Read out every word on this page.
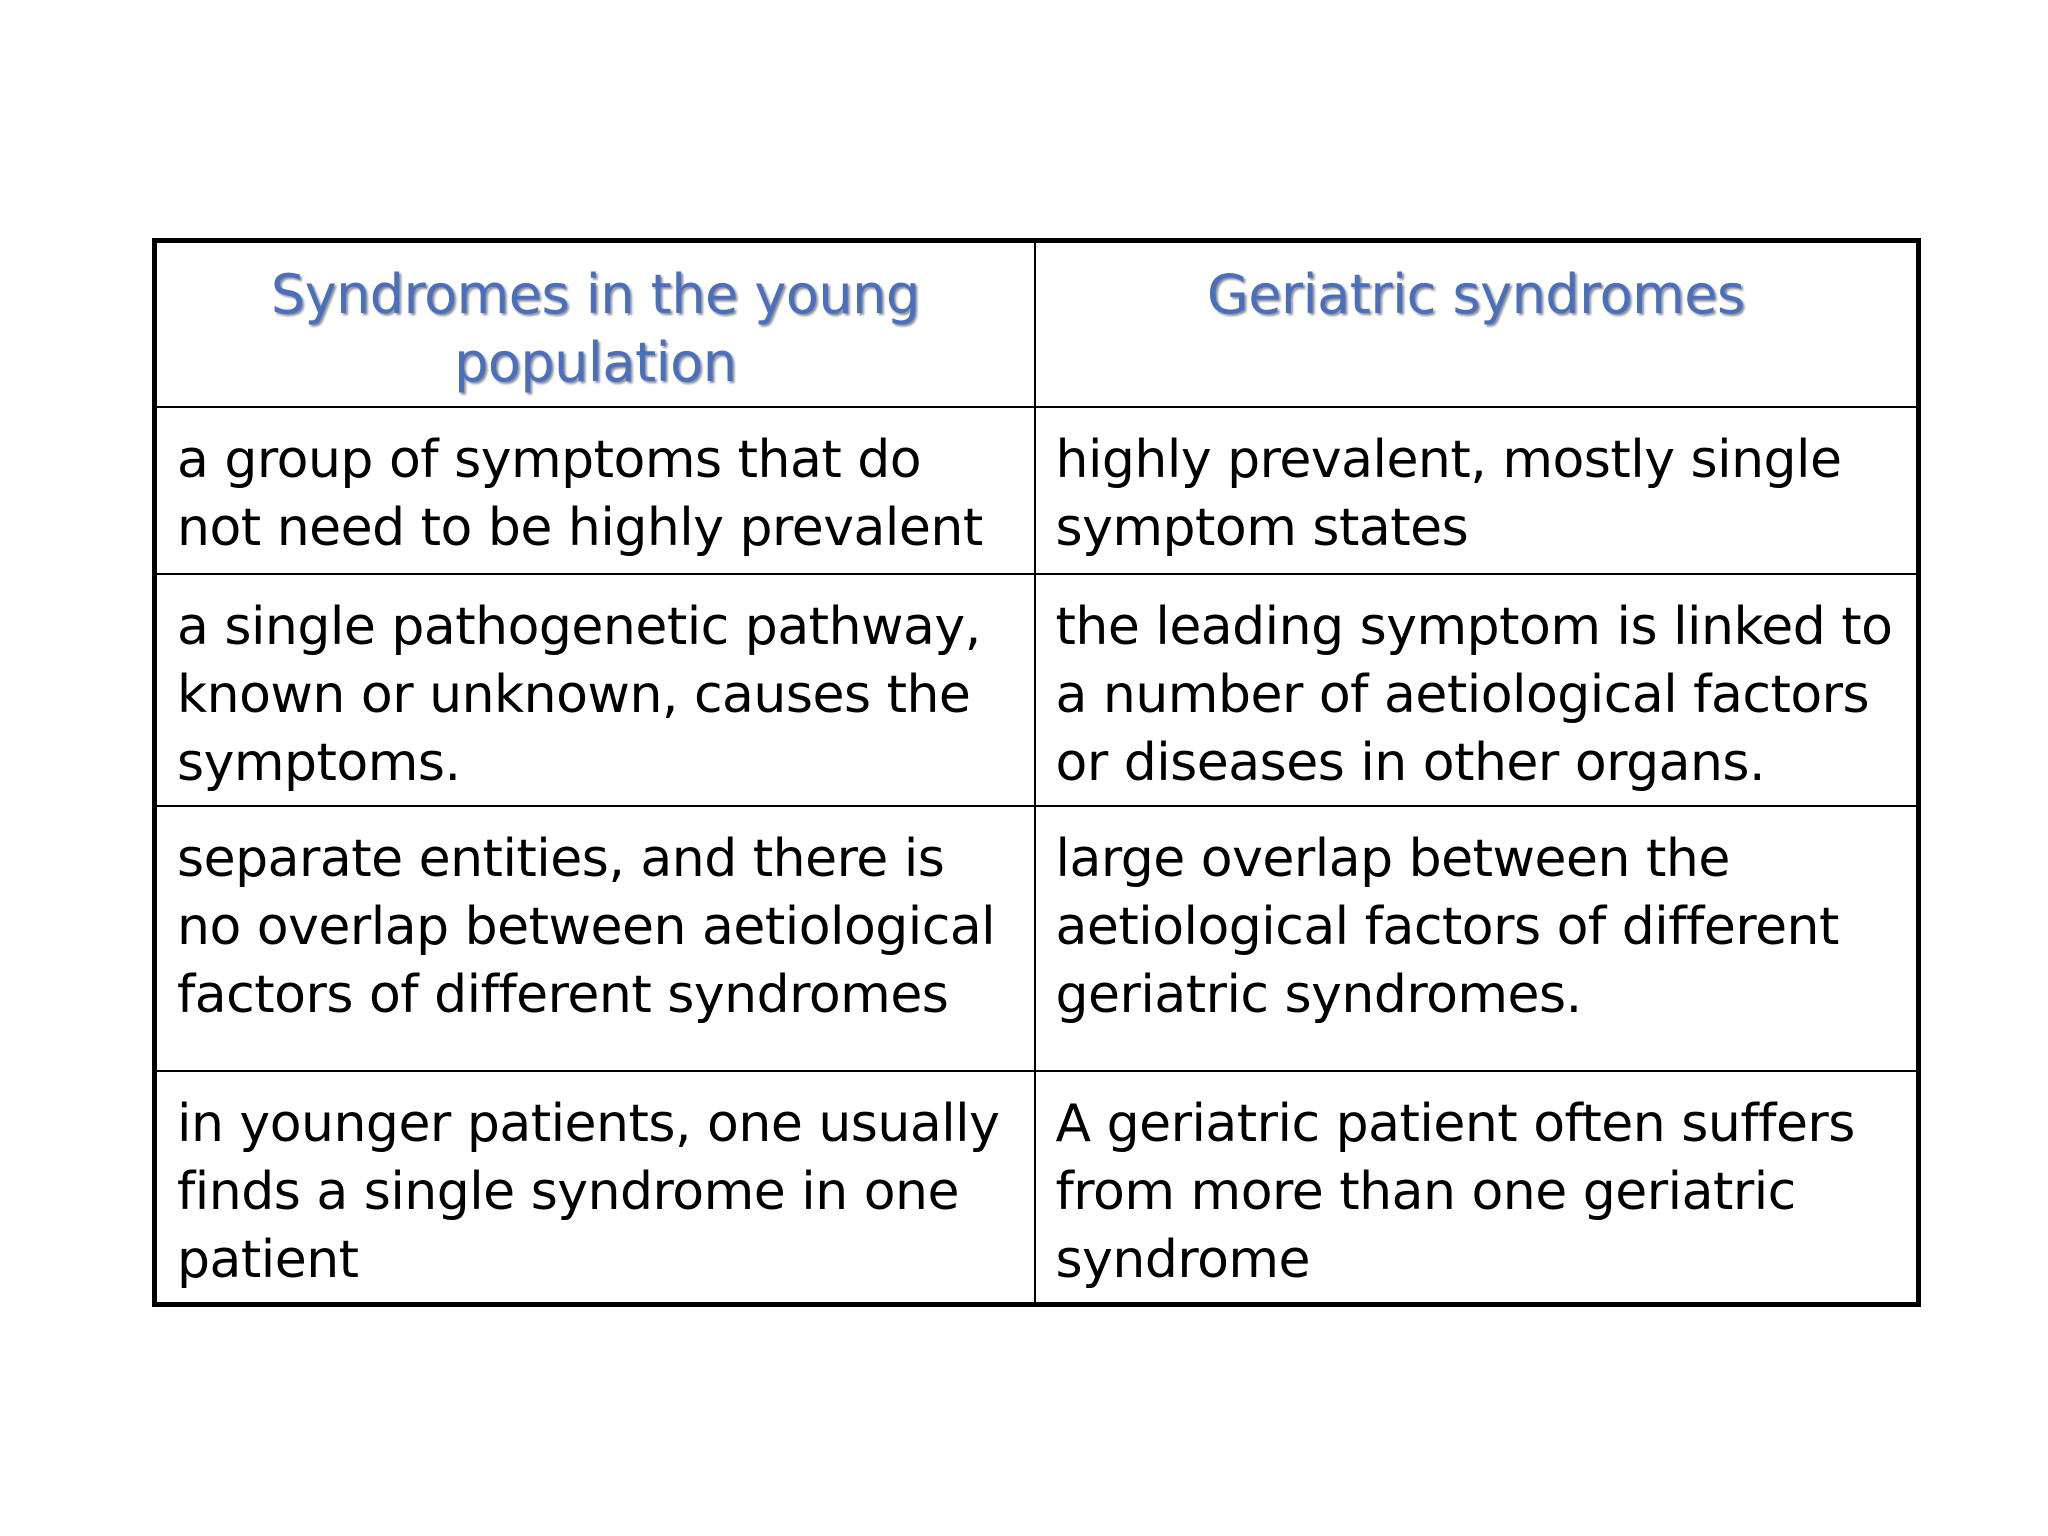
Syndromes in the young population	Geriatric syndromes
a group of symptoms that do not need to be highly prevalent	highly prevalent, mostly single symptom states
a single pathogenetic pathway, known or unknown, causes the symptoms.	the leading symptom is linked to a number of aetiological factors or diseases in other organs.
separate entities, and there is no overlap between aetiological factors of different syndromes	large overlap between the aetiological factors of different geriatric syndromes.
in younger patients, one usually finds a single syndrome in one patient	A geriatric patient often suffers from more than one geriatric syndrome
